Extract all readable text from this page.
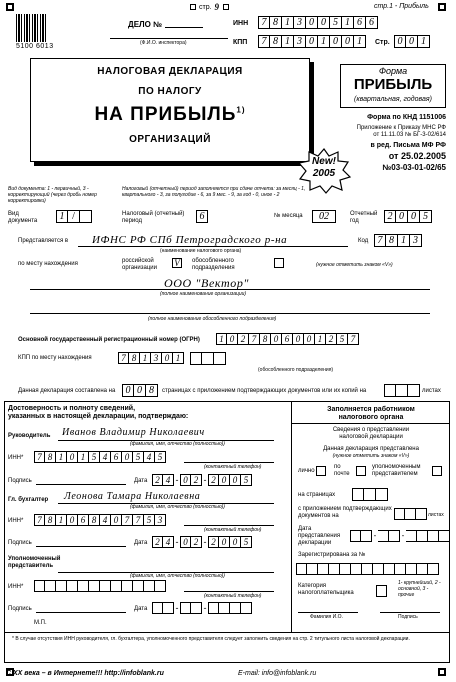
стр. 9	стр.1 - Прибыль
5100 6013
ДЕЛО №
(Ф.И.О. инспектора)
ИНН	7 8 1 3 0 0 5 1 6 6
КПП	7 8 1 3 0 1 0 0 1	Стр. 0 0 1
НАЛОГОВАЯ ДЕКЛАРАЦИЯ
ПО НАЛОГУ
НА ПРИБЫЛЬ$^{1)}$
ОРГАНИЗАЦИЙ
New!
2005
Форма
ПРИБЫЛЬ
(квартальная, годовая)
Форма по КНД 1151006
Приложение к Приказу МНС РФ
от 11.11.03 № БГ-3-02/614
в ред. Письма МФ РФ
от 25.02.2005
№03-03-01-02/65
Вид документа: 1 - первичный, 3 - корректирующий (через дробь номер корректировки)
Налоговый (отчетный) период заполняется при сдаче отчета: за месяц - 1, квартального - 3, за полугодие - 6, за 9 мес. - 9, за год - 0, иное - 2
Вид документа	1 /	Налоговый (отчетный) период	6	№ месяца	02	Отчетный год	2 0 0 5
Представляется в ИФНС РФ СПб Петроградского р-на
(наименование налогового органа)
Код 7 8 1 3
по месту нахождения	российской организации	V	обособленного подразделения	(нужное отметить знаком «V»)
ООО "Вектор"
(полное наименование организации)
(полное наименование обособленного подразделения)
Основной государственный регистрационный номер (ОГРН)	1 0 2 7 8 0 6 0 0 1 2 5 7
КПП по месту нахождения	7 8 1 3 0 1
(обособленного подразделения)
Данная декларация составлена на	0 0 8	страницах с приложением подтверждающих документов или их копий на	листах
Достоверность и полноту сведений,
указанных в настоящей декларации, подтверждаю:
Руководитель Иванов Владимир Николаевич
(фамилия, имя, отчество (полностью))
ИНН*	7 8 1 0 1 5 4 6 0 5 4 5
(контактный телефон)
Подпись	Дата 2 4 - 0 2 - 2 0 0 5
Гл. бухгалтер Леонова Тамара Николаевна
(фамилия, имя, отчество (полностью))
ИНН*	7 8 1 0 6 8 4 0 7 7 5 3
(контактный телефон)
Подпись	Дата 2 4 - 0 2 - 2 0 0 5
Уполномоченный представитель
(фамилия, имя, отчество (полностью))
ИНН*
(контактный телефон)
Подпись	Дата	-	-
М.П.
* В случае отсутствия ИНН руководителя, гл. бухгалтера, уполномоченного представителя следует заполнить сведения на стр. 2 титульного листа налоговой декларации.
Заполняется работником
налогового органа
Сведения о представлении
налоговой декларации
Данная декларация представлена
(нужное отметить знаком «V»)
лично
по почте
уполномоченным представителем
на страницах
с приложением подтверждающих документов на	листах
Дата представления декларации
-	-
Зарегистрирована за №
Категория налогоплательщика
1- крупнейший, 2 - основной, 3 - прочие
Фамилия И.О.	Подпись
С XX века – в Интернете!!! http://infoblank.ru	E-mail: info@infoblank.ru
